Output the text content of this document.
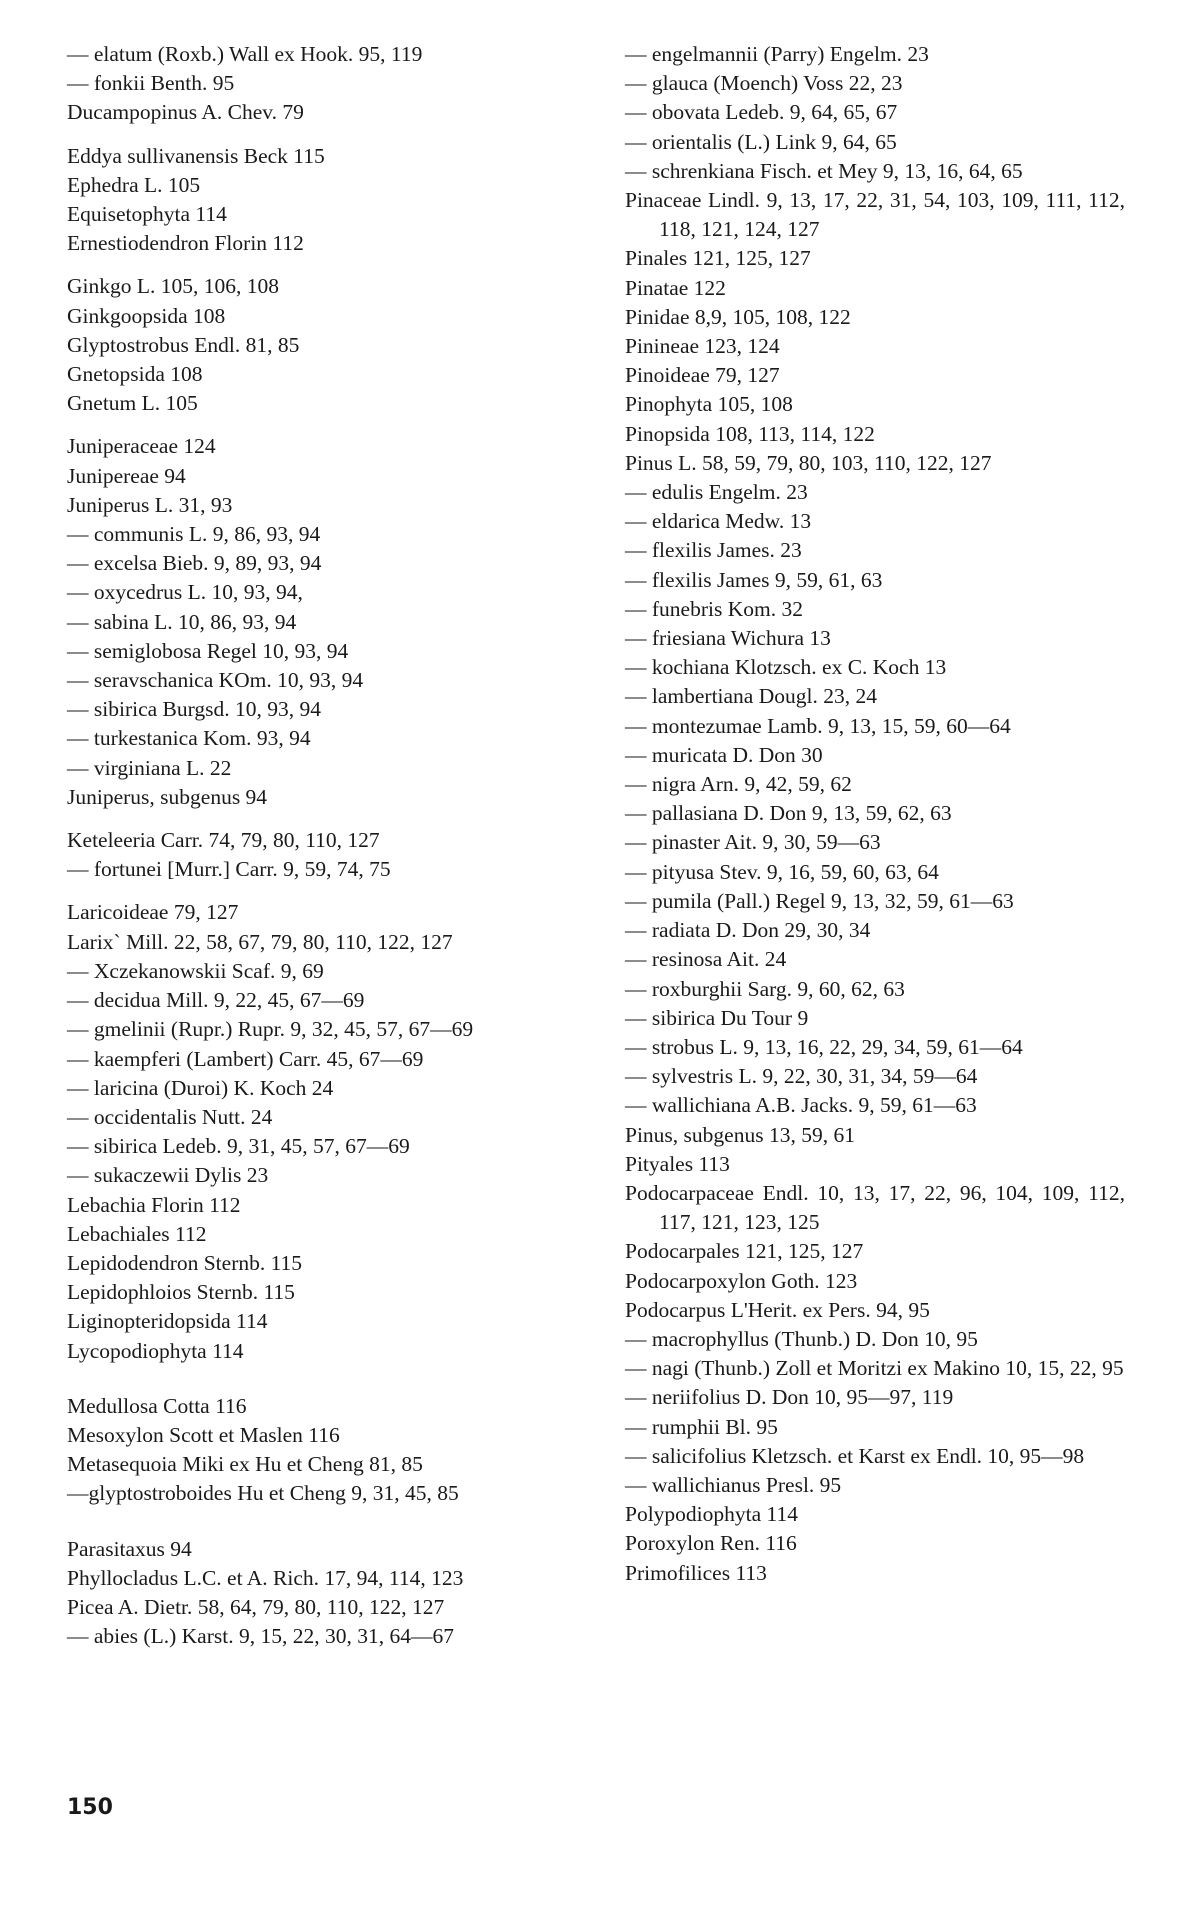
— elatum (Roxb.) Wall ex Hook. 95, 119
— fonkii Benth. 95
Ducampopinus A. Chev. 79
Eddya sullivanensis Beck 115
Ephedra L. 105
Equisetophyta 114
Ernestiodendron Florin 112
Ginkgo L. 105, 106, 108
Ginkgoopsida 108
Glyptostrobus Endl. 81, 85
Gnetopsida 108
Gnetum L. 105
Juniperaceae 124
Junipereae 94
Juniperus L. 31, 93
— communis L. 9, 86, 93, 94
— excelsa Bieb. 9, 89, 93, 94
— oxycedrus L. 10, 93, 94,
— sabina L. 10, 86, 93, 94
— semiglobosa Regel 10, 93, 94
— seravschanica KOm. 10, 93, 94
— sibirica Burgsd. 10, 93, 94
— turkestanica Kom. 93, 94
— virginiana L. 22
Juniperus, subgenus 94
Keteleeria Carr. 74, 79, 80, 110, 127
— fortunei [Murr.] Carr. 9, 59, 74, 75
Laricoideae 79, 127
Larix` Mill. 22, 58, 67, 79, 80, 110, 122, 127
— Xczekanowskii Scaf. 9, 69
— decidua Mill. 9, 22, 45, 67—69
— gmelinii (Rupr.) Rupr. 9, 32, 45, 57, 67—69
— kaempferi (Lambert) Carr. 45, 67—69
— laricina (Duroi) K. Koch 24
— occidentalis Nutt. 24
— sibirica Ledeb. 9, 31, 45, 57, 67—69
— sukaczewii Dylis 23
Lebachia Florin 112
Lebachiales 112
Lepidodendron Sternb. 115
Lepidophloios Sternb. 115
Liginopteridopsida 114
Lycopodiophyta 114
Medullosa Cotta 116
Mesoxylon Scott et Maslen 116
Metasequoia Miki ex Hu et Cheng 81, 85
—glyptostroboides Hu et Cheng 9, 31, 45, 85
Parasitaxus 94
Phyllocladus L.C. et A. Rich. 17, 94, 114, 123
Picea A. Dietr. 58, 64, 79, 80, 110, 122, 127
— abies (L.) Karst. 9, 15, 22, 30, 31, 64—67
— engelmannii (Parry) Engelm. 23
— glauca (Moench) Voss 22, 23
— obovata Ledeb. 9, 64, 65, 67
— orientalis (L.) Link 9, 64, 65
— schrenkiana Fisch. et Mey 9, 13, 16, 64, 65
Pinaceae Lindl. 9, 13, 17, 22, 31, 54, 103, 109, 111, 112, 118, 121, 124, 127
Pinales 121, 125, 127
Pinatae 122
Pinidae 8,9, 105, 108, 122
Pinineae 123, 124
Pinoideae 79, 127
Pinophyta 105, 108
Pinopsida 108, 113, 114, 122
Pinus L. 58, 59, 79, 80, 103, 110, 122, 127
— edulis Engelm. 23
— eldarica Medw. 13
— flexilis James. 23
— flexilis James 9, 59, 61, 63
— funebris Kom. 32
— friesiana Wichura 13
— kochiana Klotzsch. ex C. Koch 13
— lambertiana Dougl. 23, 24
— montezumae Lamb. 9, 13, 15, 59, 60—64
— muricata D. Don 30
— nigra Arn. 9, 42, 59, 62
— pallasiana D. Don 9, 13, 59, 62, 63
— pinaster Ait. 9, 30, 59—63
— pityusa Stev. 9, 16, 59, 60, 63, 64
— pumila (Pall.) Regel 9, 13, 32, 59, 61—63
— radiata D. Don 29, 30, 34
— resinosa Ait. 24
— roxburghii Sarg. 9, 60, 62, 63
— sibirica Du Tour 9
— strobus L. 9, 13, 16, 22, 29, 34, 59, 61—64
— sylvestris L. 9, 22, 30, 31, 34, 59—64
— wallichiana A.B. Jacks. 9, 59, 61—63
Pinus, subgenus 13, 59, 61
Pityales 113
Podocarpaceae Endl. 10, 13, 17, 22, 96, 104, 109, 112, 117, 121, 123, 125
Podocarpales 121, 125, 127
Podocarpoxylon Goth. 123
Podocarpus L'Herit. ex Pers. 94, 95
— macrophyllus (Thunb.) D. Don 10, 95
— nagi (Thunb.) Zoll et Moritzi ex Makino 10, 15, 22, 95
— neriifolius D. Don 10, 95—97, 119
— rumphii Bl. 95
— salicifolius Kletzsch. et Karst ex Endl. 10, 95—98
— wallichianus Presl. 95
Polypodiophyta 114
Poroxylon Ren. 116
Primofilices 113
150
